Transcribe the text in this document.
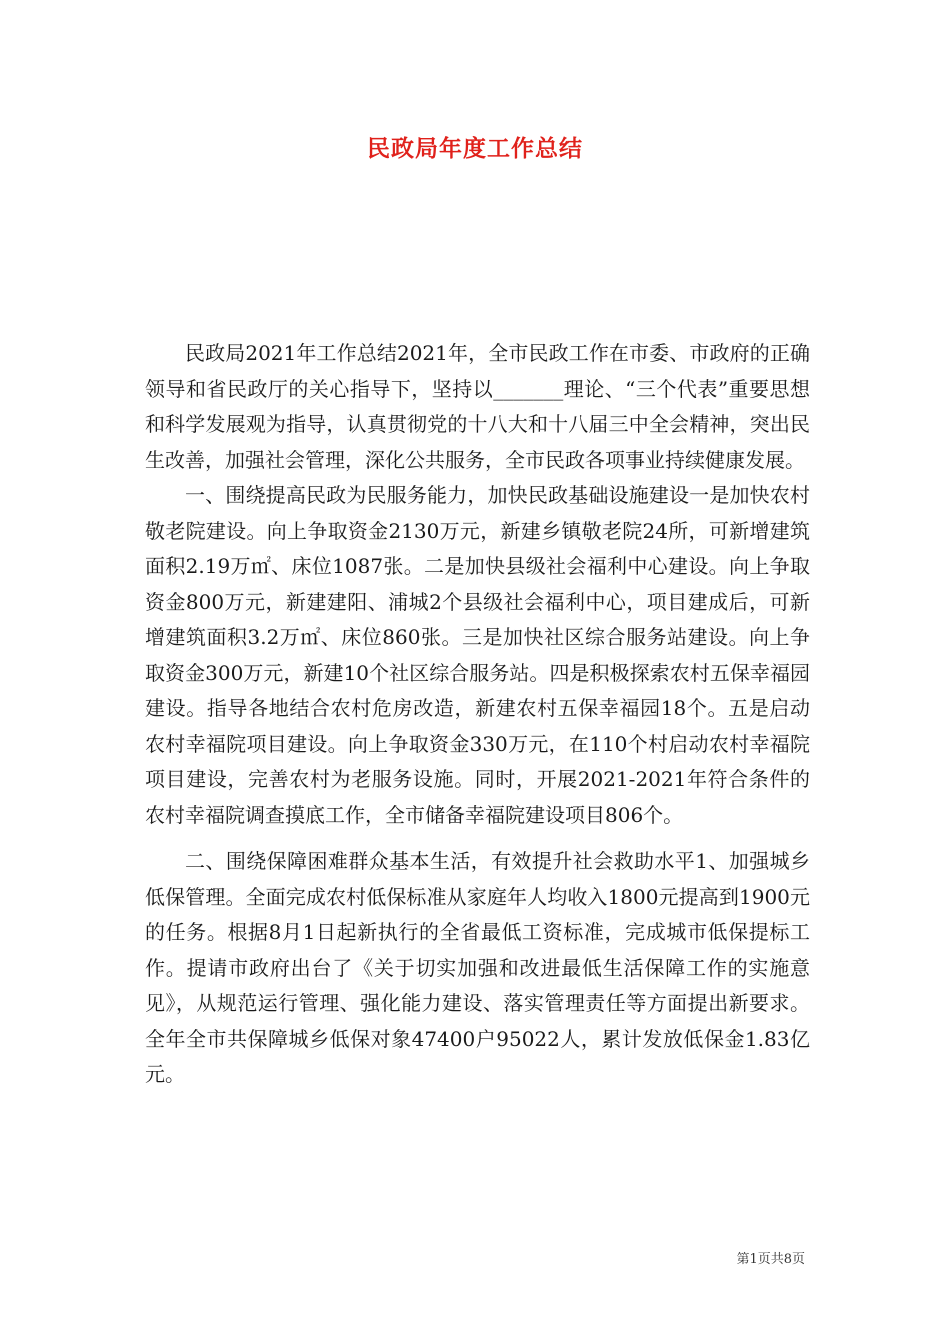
民政局年度工作总结

民政局2021年工作总结2021年，全市民政工作在市委、市政府的正确领导和省民政厅的关心指导下，坚持以_______理论、“三个代表”重要思想和科学发展观为指导，认真贯彻党的十八大和十八届三中全会精神，突出民生改善，加强社会管理，深化公共服务，全市民政各项事业持续健康发展。

一、围绕提高民政为民服务能力，加快民政基础设施建设一是加快农村敬老院建设。向上争取资金2130万元，新建乡镇敬老院24所，可新增建筑面积2.19万㎡、床位1087张。二是加快县级社会福利中心建设。向上争取资金800万元，新建建阳、浦城2个县级社会福利中心，项目建成后，可新增建筑面积3.2万㎡、床位860张。三是加快社区综合服务站建设。向上争取资金300万元，新建10个社区综合服务站。四是积极探索农村五保幸福园建设。指导各地结合农村危房改造，新建农村五保幸福园18个。五是启动农村幸福院项目建设。向上争取资金330万元，在110个村启动农村幸福院项目建设，完善农村为老服务设施。同时，开展2021-2021年符合条件的农村幸福院调查摸底工作，全市储备幸福院建设项目806个。

二、围绕保障困难群众基本生活，有效提升社会救助水平1、加强城乡低保管理。全面完成农村低保标准从家庭年人均收入1800元提高到1900元的任务。根据8月1日起新执行的全省最低工资标准，完成城市低保提标工作。提请市政府出台了《关于切实加强和改进最低生活保障工作的实施意见》，从规范运行管理、强化能力建设、落实管理责任等方面提出新要求。全年全市共保障城乡低保对象47400户95022人，累计发放低保金1.83亿元。

第1页共8页
